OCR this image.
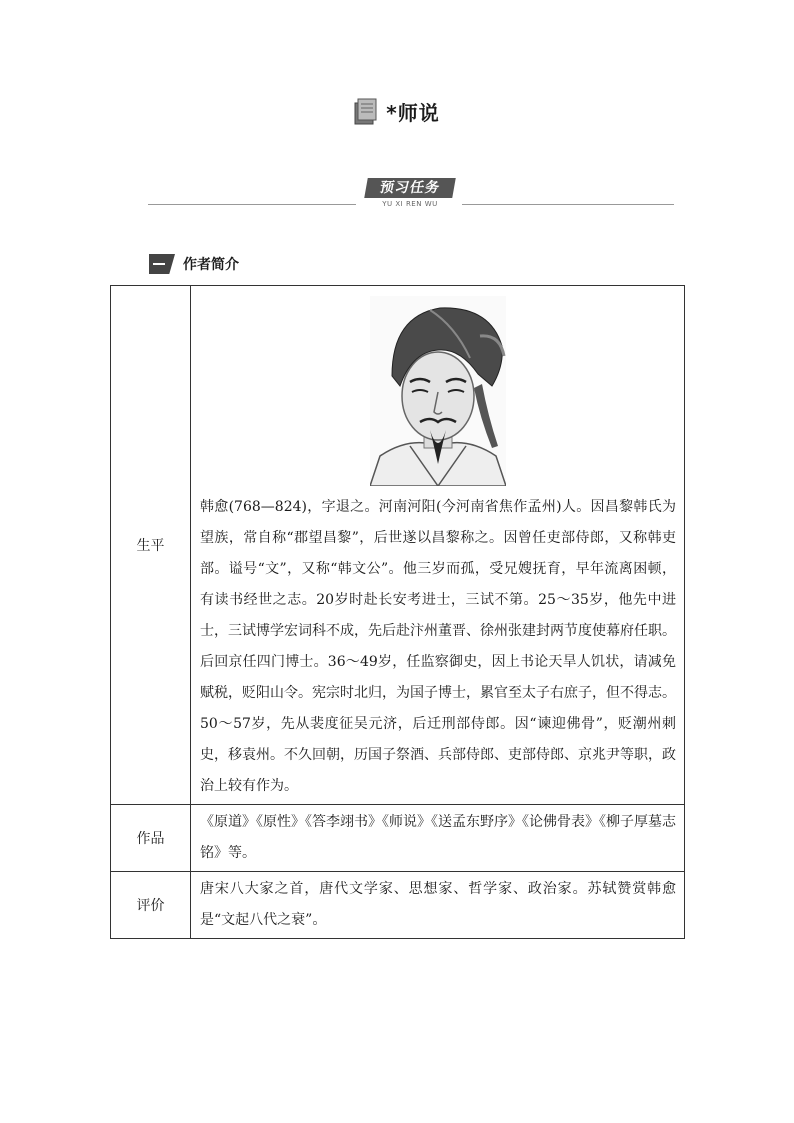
*师说
预习任务
YU XI REN WU
作者简介
生平	韩愈(768—824)，字退之。河南河阳(今河南省焦作孟州)人。因昌黎韩氏为望族，常自称“郡望昌黎”，后世遂以昌黎称之。因曾任吏部侍郎，又称韩吏部。谥号“文”，又称“韩文公”。他三岁而孤，受兄嫂抚育，早年流离困顿，有读书经世之志。20岁时赴长安考进士，三试不第。25～35岁，他先中进士，三试博学宏词科不成，先后赴汴州董晋、徐州张建封两节度使幕府任职。后回京任四门博士。36～49岁，任监察御史，因上书论天旱人饥状，请减免赋税，贬阳山令。宪宗时北归，为国子博士，累官至太子右庶子，但不得志。50～57岁，先从裴度征吴元济，后迁刑部侍郎。因“谏迎佛骨”，贬潮州刺史，移袁州。不久回朝，历国子祭酒、兵部侍郎、吏部侍郎、京兆尹等职，政治上较有作为。

作品	《原道》《原性》《答李翊书》《师说》《送孟东野序》《论佛骨表》《柳子厚墓志铭》等。
评价	唐宋八大家之首，唐代文学家、思想家、哲学家、政治家。苏轼赞赏韩愈是“文起八代之衰”。
